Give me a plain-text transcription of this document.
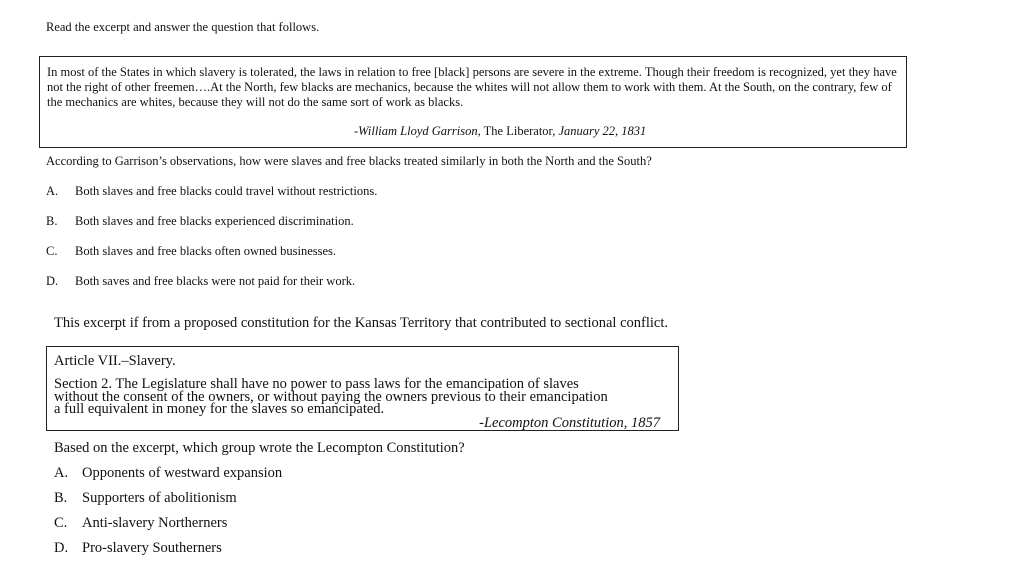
Read the excerpt and answer the question that follows.
In most of the States in which slavery is tolerated, the laws in relation to free [black] persons are severe in the extreme. Though their freedom is recognized, yet they have not the right of other freemen….At the North, few blacks are mechanics, because the whites will not allow them to work with them. At the South, on the contrary, few of the mechanics are whites, because they will not do the same sort of work as blacks.
-William Lloyd Garrison, The Liberator, January 22, 1831
According to Garrison’s observations, how were slaves and free blacks treated similarly in both the North and the South?
A. Both slaves and free blacks could travel without restrictions.
B. Both slaves and free blacks experienced discrimination.
C. Both slaves and free blacks often owned businesses.
D. Both saves and free blacks were not paid for their work.
This excerpt if from a proposed constitution for the Kansas Territory that contributed to sectional conflict.
Article VII.–Slavery.
Section 2. The Legislature shall have no power to pass laws for the emancipation of slaves
without the consent of the owners, or without paying the owners previous to their emancipation
a full equivalent in money for the slaves so emancipated.
-Lecompton Constitution, 1857
Based on the excerpt, which group wrote the Lecompton Constitution?
A. Opponents of westward expansion
B. Supporters of abolitionism
C. Anti-slavery Northerners
D. Pro-slavery Southerners
